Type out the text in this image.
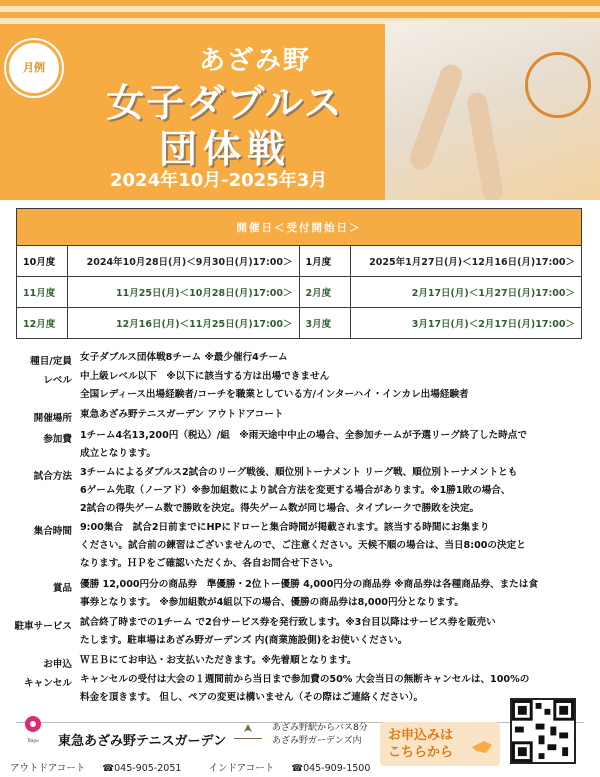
月例	あざみ野
女子ダブルス
団体戦
2024年10月-2025年3月
開催日＜受付開始日＞			
10月度	2024年10月28日(月)＜9月30日(月)17:00＞	1月度	2025年1月27日(月)＜12月16日(月)17:00＞
11月度	11月25日(月)＜10月28日(月)17:00＞	2月度	2月17日(月)＜1月27日(月)17:00＞
12月度	12月16日(月)＜11月25日(月)17:00＞	3月度	3月17日(月)＜2月17日(月)17:00＞
種目/定員 女子ダブルス団体戦8チーム ※最少催行4チーム
レベル 中上級レベル以下　※以下に該当する方は出場できません
全国レディース出場経験者/コーチを職業としている方/インターハイ・インカレ出場経験者
開催場所 東急あざみ野テニスガーデン アウトドアコート
参加費 1チーム4名13,200円（税込）/組　※雨天途中中止の場合、全参加チームが予選リーグ終了した時点で
成立となります。
試合方法 3チームによるダブルス2試合のリーグ戦後、順位別トーナメント リーグ戦、順位別トーナメントとも
6ゲーム先取（ノーアド）※参加組数により試合方法を変更する場合があります。※1勝1敗の場合、
2試合の得失ゲーム数で勝敗を決定。得失ゲーム数が同じ場合、タイブレークで勝敗を決定。
集合時間 9:00集合　試合2日前までにHPにドローと集合時間が掲載されます。該当する時間にお集まり
ください。試合前の練習はございませんので、ご注意ください。天候不順の場合は、当日8:00の決定と
なります。ＨＰをご確認いただくか、各自お問合せ下さい。
賞品 優勝 12,000円分の商品券　準優勝・2位トー優勝 4,000円分の商品券 ※商品券は各種商品券、または食
事券となります。 ※参加組数が4組以下の場合、優勝の商品券は8,000円分となります。
駐車サービス 試合終了時までの1チーム で2台サービス券を発行致します。※3台目以降はサービス券を販売い
たします。駐車場はあざみ野ガーデンズ 内(商業施設側)をお使いください。
お申込 ＷＥＢにてお申込・お支払いただきます。※先着順となります。
キャンセル キャンセルの受付は大会の１週間前から当日まで参加費の50% 大会当日の無断キャンセルは、100%の
料金を頂きます。 但し、ペアの変更は構いません（その際はご連絡ください）。
Tokyu 東急あざみ野テニスガーデン
あざみ野駅からバス8分
あざみ野ガーデンズ内	お申込みは
こちらから
アウトドアコート ☎045-905-2051	インドアコート ☎045-909-1500
